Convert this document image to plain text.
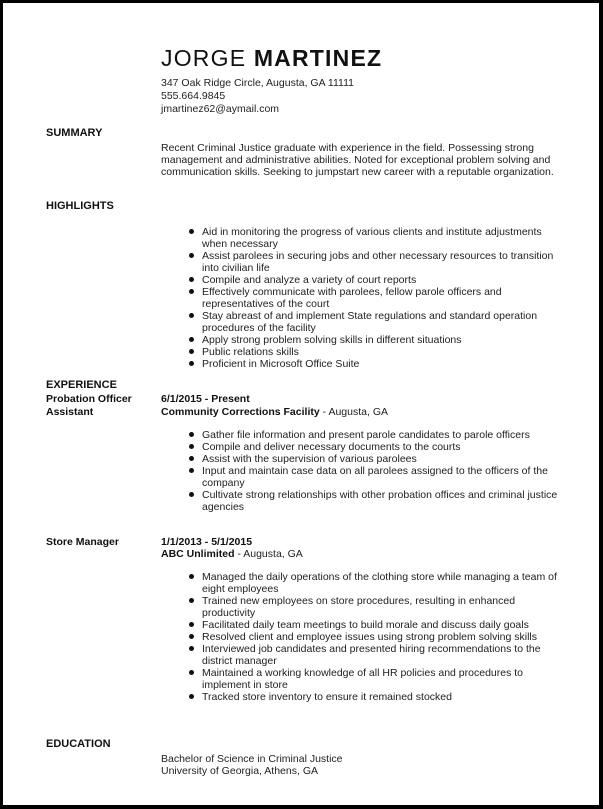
JORGE MARTINEZ
347 Oak Ridge Circle, Augusta, GA 11111
555.664.9845
jmartinez62@aymail.com
SUMMARY
Recent Criminal Justice graduate with experience in the field. Possessing strong management and administrative abilities. Noted for exceptional problem solving and communication skills. Seeking to jumpstart new career with a reputable organization.
HIGHLIGHTS
Aid in monitoring the progress of various clients and institute adjustments when necessary
Assist parolees in securing jobs and other necessary resources to transition into civilian life
Compile and analyze a variety of court reports
Effectively communicate with parolees, fellow parole officers and representatives of the court
Stay abreast of and implement State regulations and standard operation procedures of the facility
Apply strong problem solving skills in different situations
Public relations skills
Proficient in Microsoft Office Suite
EXPERIENCE
Probation Officer Assistant
6/1/2015 - Present
Community Corrections Facility - Augusta, GA
Gather file information and present parole candidates to parole officers
Compile and deliver necessary documents to the courts
Assist with the supervision of various parolees
Input and maintain case data on all parolees assigned to the officers of the company
Cultivate strong relationships with other probation offices and criminal justice agencies
Store Manager	1/1/2013 - 5/1/2015
ABC Unlimited - Augusta, GA
Managed the daily operations of the clothing store while managing a team of eight employees
Trained new employees on store procedures, resulting in enhanced productivity
Facilitated daily team meetings to build morale and discuss daily goals
Resolved client and employee issues using strong problem solving skills
Interviewed job candidates and presented hiring recommendations to the district manager
Maintained a working knowledge of all HR policies and procedures to implement in store
Tracked store inventory to ensure it remained stocked
EDUCATION
Bachelor of Science in Criminal Justice
University of Georgia, Athens, GA
